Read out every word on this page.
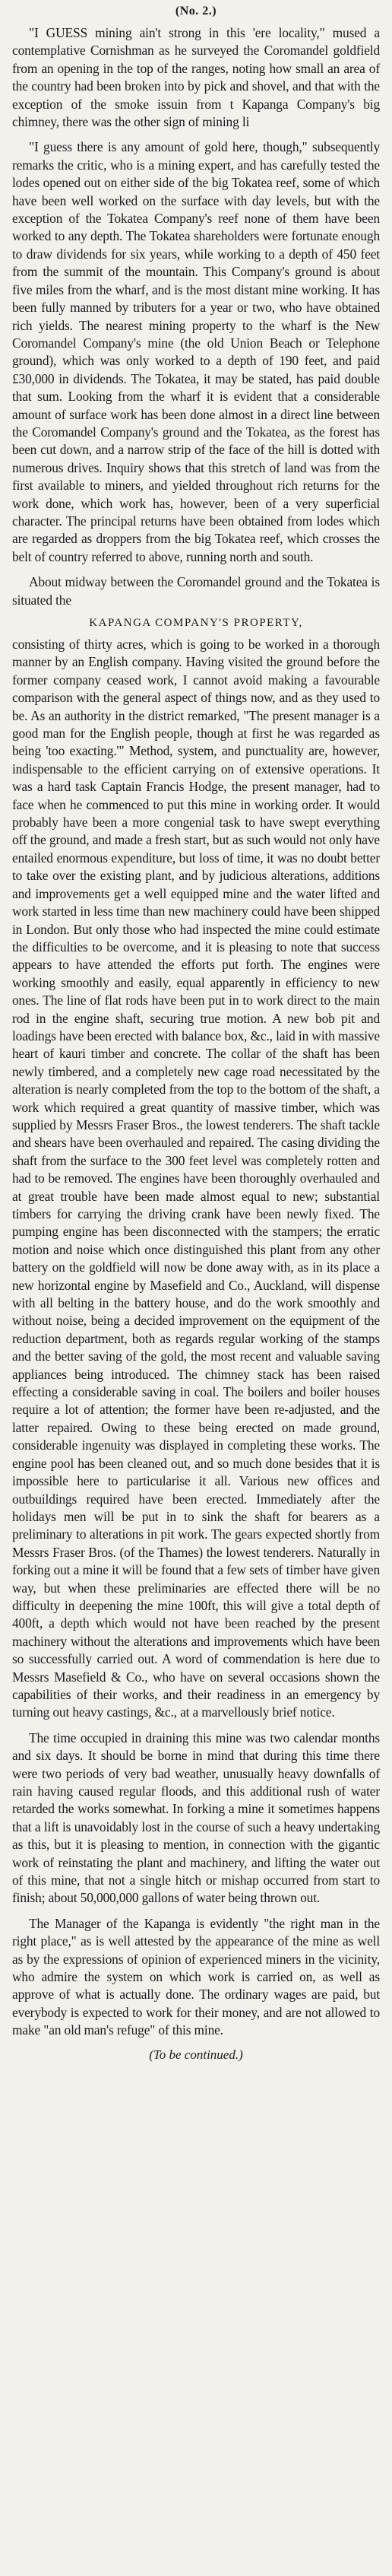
(No. 2.)

"I GUESS mining ain't strong in this 'ere locality," mused a contemplative Cornishman as he surveyed the Coromandel goldfield from an opening in the top of the ranges, noting how small an area of the country had been broken into by pick and shovel, and that with the exception of the smoke issuin from t Kapanga Company's big chimney, there was the other sign of mining li

"I guess there is any amount of gold here, though," subsequently remarks the critic, who is a mining expert, and has carefully tested the lodes opened out on either side of the big Tokatea reef, some of which have been well worked on the surface with day levels, but with the exception of the Tokatea Company's reef none of them have been worked to any depth. The Tokatea shareholders were fortunate enough to draw dividends for six years, while working to a depth of 450 feet from the summit of the mountain. This Company's ground is about five miles from the wharf, and is the most distant mine working. It has been fully manned by tributers for a year or two, who have obtained rich yields. The nearest mining property to the wharf is the New Coromandel Company's mine (the old Union Beach or Telephone ground), which was only worked to a depth of 190 feet, and paid £30,000 in dividends. The Tokatea, it may be stated, has paid double that sum. Looking from the wharf it is evident that a considerable amount of surface work has been done almost in a direct line between the Coromandel Company's ground and the Tokatea, as the forest has been cut down, and a narrow strip of the face of the hill is dotted with numerous drives. Inquiry shows that this stretch of land was from the first available to miners, and yielded throughout rich returns for the work done, which work has, however, been of a very superficial character. The principal returns have been obtained from lodes which are regarded as droppers from the big Tokatea reef, which crosses the belt of country referred to above, running north and south.

About midway between the Coromandel ground and the Tokatea is situated the

KAPANGA COMPANY'S PROPERTY,

consisting of thirty acres, which is going to be worked in a thorough manner by an English company. Having visited the ground before the former company ceased work, I cannot avoid making a favourable comparison with the general aspect of things now, and as they used to be. As an authority in the district remarked, "The present manager is a good man for the English people, though at first he was regarded as being 'too exacting.'" Method, system, and punctuality are, however, indispensable to the efficient carrying on of extensive operations. It was a hard task Captain Francis Hodge, the present manager, had to face when he commenced to put this mine in working order. It would probably have been a more congenial task to have swept everything off the ground, and made a fresh start, but as such would not only have entailed enormous expenditure, but loss of time, it was no doubt better to take over the existing plant, and by judicious alterations, additions and improvements get a well equipped mine and the water lifted and work started in less time than new machinery could have been shipped in London. But only those who had inspected the mine could estimate the difficulties to be overcome, and it is pleasing to note that success appears to have attended the efforts put forth. The engines were working smoothly and easily, equal apparently in efficiency to new ones. The line of flat rods have been put in to work direct to the main rod in the engine shaft, securing true motion. A new bob pit and loadings have been erected with balance box, &c., laid in with massive heart of kauri timber and concrete. The collar of the shaft has been newly timbered, and a completely new cage road necessitated by the alteration is nearly completed from the top to the bottom of the shaft, a work which required a great quantity of massive timber, which was supplied by Messrs Fraser Bros., the lowest tenderers. The shaft tackle and shears have been overhauled and repaired. The casing dividing the shaft from the surface to the 300 feet level was completely rotten and had to be removed. The engines have been thoroughly overhauled and at great trouble have been made almost equal to new; substantial timbers for carrying the driving crank have been newly fixed. The pumping engine has been disconnected with the stampers; the erratic motion and noise which once distinguished this plant from any other battery on the goldfield will now be done away with, as in its place a new horizontal engine by Masefield and Co., Auckland, will dispense with all belting in the battery house, and do the work smoothly and without noise, being a decided improvement on the equipment of the reduction department, both as regards regular working of the stamps and the better saving of the gold, the most recent and valuable saving appliances being introduced. The chimney stack has been raised effecting a considerable saving in coal. The boilers and boiler houses require a lot of attention; the former have been re-adjusted, and the latter repaired. Owing to these being erected on made ground, considerable ingenuity was displayed in completing these works. The engine pool has been cleaned out, and so much done besides that it is impossible here to particularise it all. Various new offices and outbuildings required have been erected. Immediately after the holidays men will be put in to sink the shaft for bearers as a preliminary to alterations in pit work. The gears expected shortly from Messrs Fraser Bros. (of the Thames) the lowest tenderers. Naturally in forking out a mine it will be found that a few sets of timber have given way, but when these preliminaries are effected there will be no difficulty in deepening the mine 100ft, this will give a total depth of 400ft, a depth which would not have been reached by the present machinery without the alterations and improvements which have been so successfully carried out. A word of commendation is here due to Messrs Masefield & Co., who have on several occasions shown the capabilities of their works, and their readiness in an emergency by turning out heavy castings, &c., at a marvellously brief notice.

The time occupied in draining this mine was two calendar months and six days. It should be borne in mind that during this time there were two periods of very bad weather, unusually heavy downfalls of rain having caused regular floods, and this additional rush of water retarded the works somewhat. In forking a mine it sometimes happens that a lift is unavoidably lost in the course of such a heavy undertaking as this, but it is pleasing to mention, in connection with the gigantic work of reinstating the plant and machinery, and lifting the water out of this mine, that not a single hitch or mishap occurred from start to finish; about 50,000,000 gallons of water being thrown out.

The Manager of the Kapanga is evidently "the right man in the right place," as is well attested by the appearance of the mine as well as by the expressions of opinion of experienced miners in the vicinity, who admire the system on which work is carried on, as well as approve of what is actually done. The ordinary wages are paid, but everybody is expected to work for their money, and are not allowed to make "an old man's refuge" of this mine.

(To be continued.)
